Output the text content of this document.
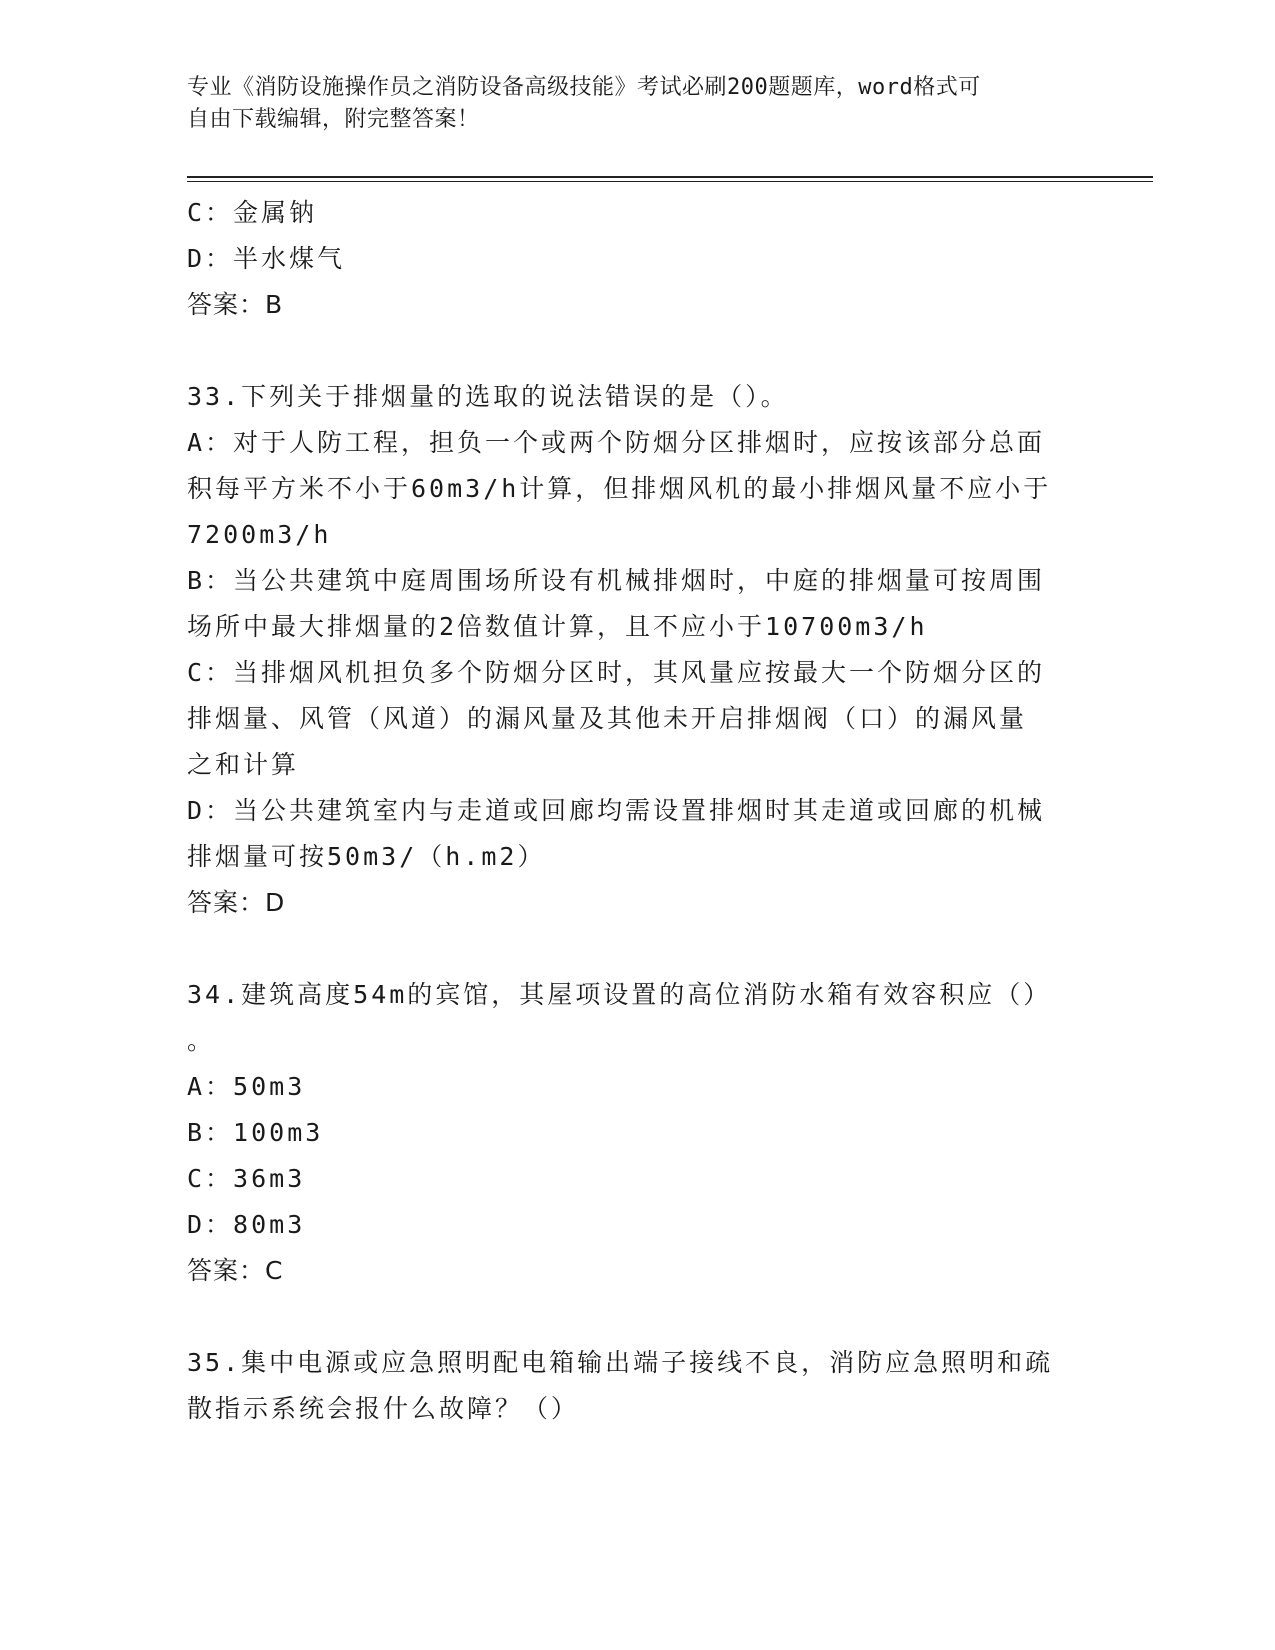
专业《消防设施操作员之消防设备高级技能》考试必刷200题题库，word格式可
自由下载编辑，附完整答案！
C：金属钠
D：半水煤气
答案：B
33.下列关于排烟量的选取的说法错误的是（）。
A：对于人防工程，担负一个或两个防烟分区排烟时，应按该部分总面
积每平方米不小于60m3/h计算，但排烟风机的最小排烟风量不应小于
7200m3/h
B：当公共建筑中庭周围场所设有机械排烟时，中庭的排烟量可按周围
场所中最大排烟量的2倍数值计算，且不应小于10700m3/h
C：当排烟风机担负多个防烟分区时，其风量应按最大一个防烟分区的
排烟量、风管（风道）的漏风量及其他未开启排烟阀（口）的漏风量
之和计算
D：当公共建筑室内与走道或回廊均需设置排烟时其走道或回廊的机械
排烟量可按50m3/（h.m2）
答案：D
34.建筑高度54m的宾馆，其屋项设置的高位消防水箱有效容积应（）
。
A：50m3
B：100m3
C：36m3
D：80m3
答案：C
35.集中电源或应急照明配电箱输出端子接线不良，消防应急照明和疏
散指示系统会报什么故障？（）
